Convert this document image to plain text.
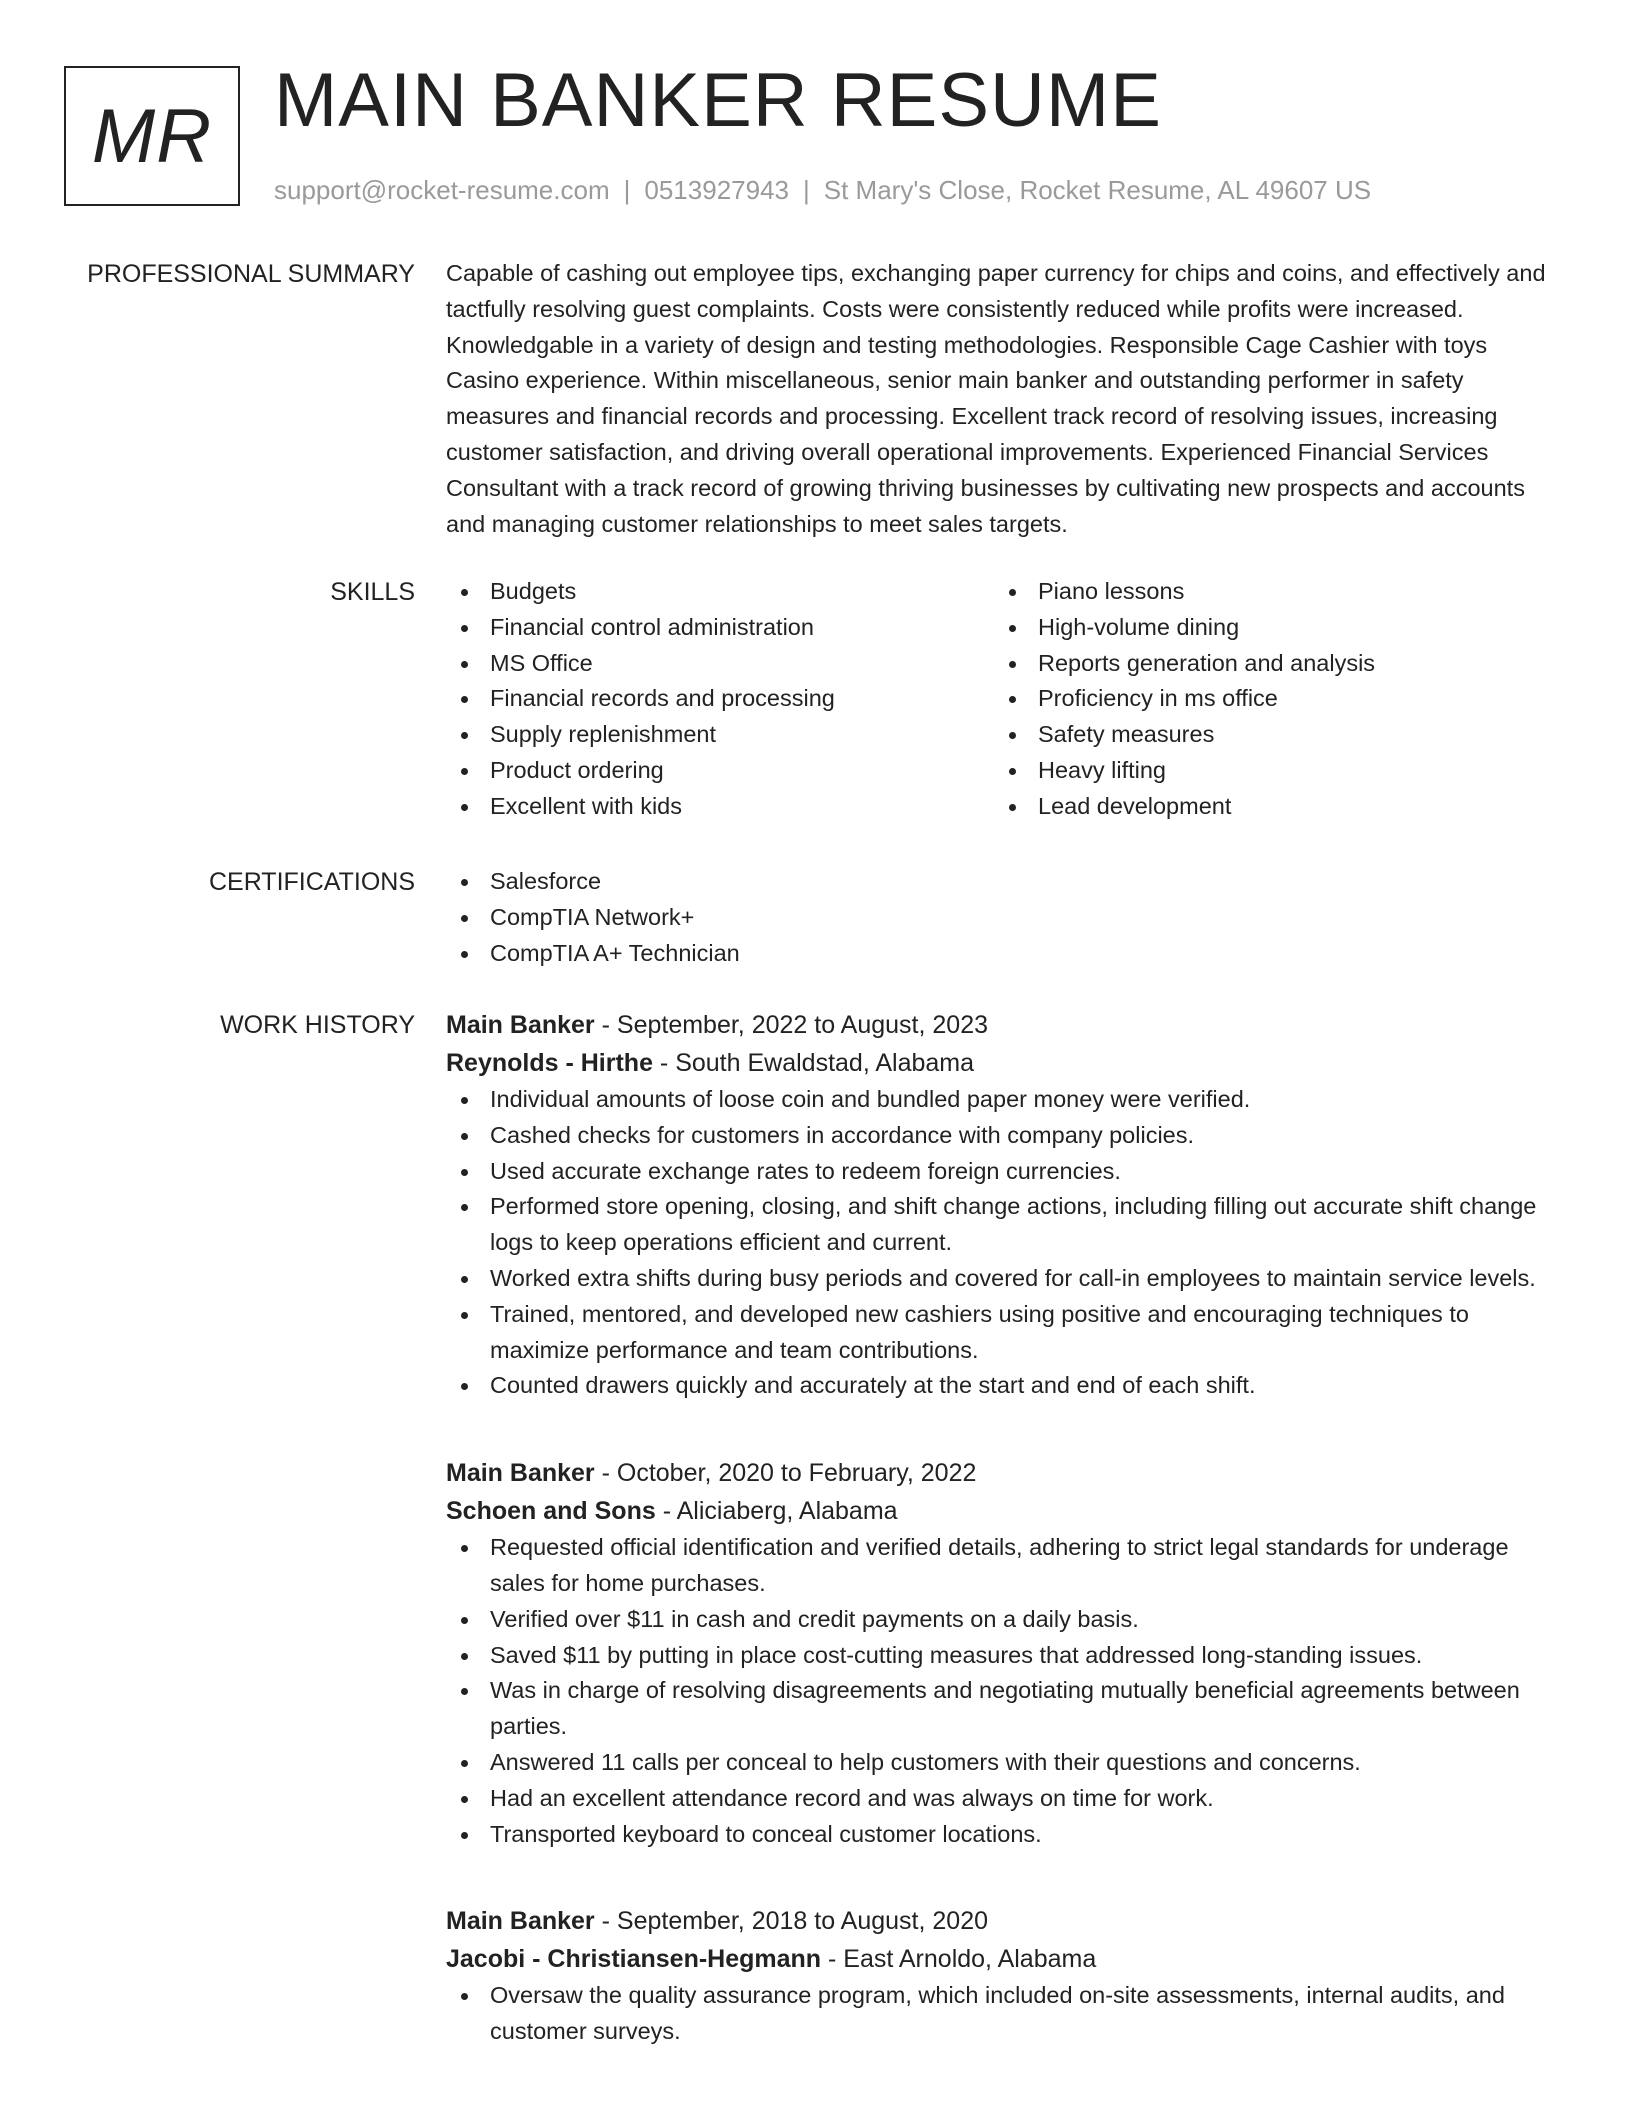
MR MAIN BANKER RESUME
support@rocket-resume.com | 0513927943 | St Mary's Close, Rocket Resume, AL 49607 US
PROFESSIONAL SUMMARY Capable of cashing out employee tips, exchanging paper currency for chips and coins, and effectively and tactfully resolving guest complaints. Costs were consistently reduced while profits were increased. Knowledgable in a variety of design and testing methodologies. Responsible Cage Cashier with toys Casino experience. Within miscellaneous, senior main banker and outstanding performer in safety measures and financial records and processing. Excellent track record of resolving issues, increasing customer satisfaction, and driving overall operational improvements. Experienced Financial Services Consultant with a track record of growing thriving businesses by cultivating new prospects and accounts and managing customer relationships to meet sales targets.

SKILLS	Budgets
Financial control administration
MS Office
Financial records and processing
Supply replenishment
Product ordering
Excellent with kids
Piano lessons
High-volume dining
Reports generation and analysis
Proficiency in ms office
Safety measures
Heavy lifting
Lead development
CERTIFICATIONS	Salesforce
CompTIA Network+
CompTIA A+ Technician
WORK HISTORY Main Banker - September, 2022 to August, 2023
Reynolds - Hirthe - South Ewaldstad, Alabama
Individual amounts of loose coin and bundled paper money were verified.
Cashed checks for customers in accordance with company policies.
Used accurate exchange rates to redeem foreign currencies.
Performed store opening, closing, and shift change actions, including filling out accurate shift change logs to keep operations efficient and current.
Worked extra shifts during busy periods and covered for call-in employees to maintain service levels.
Trained, mentored, and developed new cashiers using positive and encouraging techniques to maximize performance and team contributions.
Counted drawers quickly and accurately at the start and end of each shift.
Main Banker - October, 2020 to February, 2022
Schoen and Sons - Aliciaberg, Alabama
Requested official identification and verified details, adhering to strict legal standards for underage sales for home purchases.
Verified over $11 in cash and credit payments on a daily basis.
Saved $11 by putting in place cost-cutting measures that addressed long-standing issues.
Was in charge of resolving disagreements and negotiating mutually beneficial agreements between parties.
Answered 11 calls per conceal to help customers with their questions and concerns.
Had an excellent attendance record and was always on time for work.
Transported keyboard to conceal customer locations.
Main Banker - September, 2018 to August, 2020
Jacobi - Christiansen-Hegmann - East Arnoldo, Alabama
Oversaw the quality assurance program, which included on-site assessments, internal audits, and customer surveys.
